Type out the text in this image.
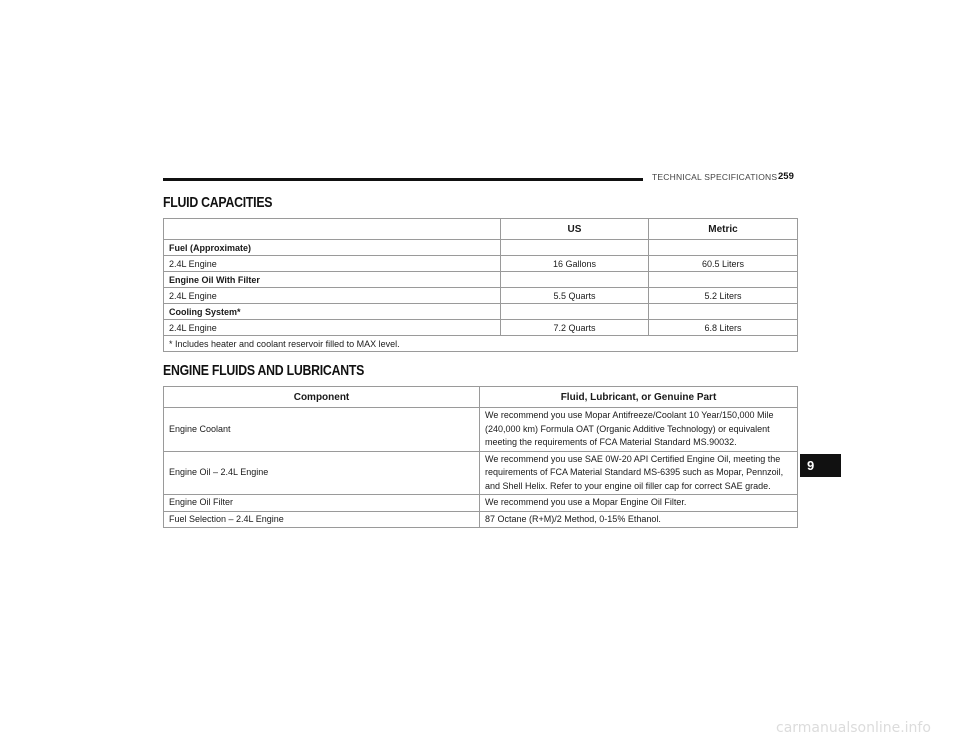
TECHNICAL SPECIFICATIONS 259
FLUID CAPACITIES
	US	Metric
Fuel (Approximate)		
2.4L Engine	16 Gallons	60.5 Liters
Engine Oil With Filter		
2.4L Engine	5.5 Quarts	5.2 Liters
Cooling System*		
2.4L Engine	7.2 Quarts	6.8 Liters
* Includes heater and coolant reservoir filled to MAX level.		
ENGINE FLUIDS AND LUBRICANTS
Component	Fluid, Lubricant, or Genuine Part
Engine Coolant	We recommend you use Mopar Antifreeze/Coolant 10 Year/150,000 Mile (240,000 km) Formula OAT (Organic Additive Technology) or equivalent meeting the requirements of FCA Material Standard MS.90032.
Engine Oil – 2.4L Engine	We recommend you use SAE 0W-20 API Certified Engine Oil, meeting the requirements of FCA Material Standard MS-6395 such as Mopar, Pennzoil, and Shell Helix. Refer to your engine oil filler cap for correct SAE grade.
Engine Oil Filter	We recommend you use a Mopar Engine Oil Filter.
Fuel Selection – 2.4L Engine	87 Octane (R+M)/2 Method, 0-15% Ethanol.
9
carmanualsonline.info
